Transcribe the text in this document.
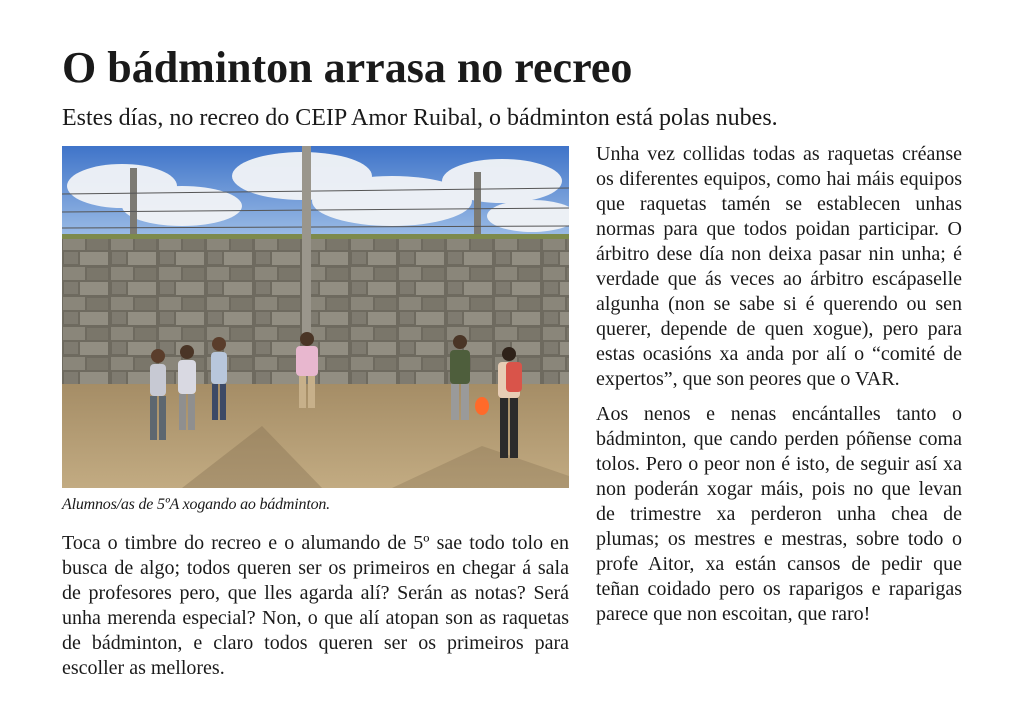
O bádminton arrasa no recreo

Estes días, no recreo do CEIP Amor Ruibal, o bádminton está polas nubes.

Alumnos/as de 5ºA xogando ao bádminton.

Toca o timbre do recreo e o alumando de 5º sae todo tolo en busca de algo; todos queren ser os primeiros en chegar á sala de profesores pero, que lles agarda alí? Serán as notas? Será unha merenda especial? Non, o que alí atopan son as raquetas de bádminton, e claro todos queren ser os primeiros para escoller as mellores.

Unha vez collidas todas as raquetas créanse os diferentes equipos, como hai máis equipos que raquetas tamén se establecen unhas normas para que todos poidan participar. O árbitro dese día non deixa pasar nin unha; é verdade que ás veces ao árbitro escápaselle algunha (non se sabe si é querendo ou sen querer, depende de quen xogue), pero para estas ocasións xa anda por alí o “comité de expertos”, que son peores que o VAR.

Aos nenos e nenas encántalles tanto o bádminton, que cando perden póñense coma tolos. Pero o peor non é isto, de seguir así xa non poderán xogar máis, pois no que levan de trimestre xa perderon unha chea de plumas; os mestres e mestras, sobre todo o profe Aitor, xa están cansos de pedir que teñan coidado pero os raparigos e raparigas parece que non escoitan, que raro!
